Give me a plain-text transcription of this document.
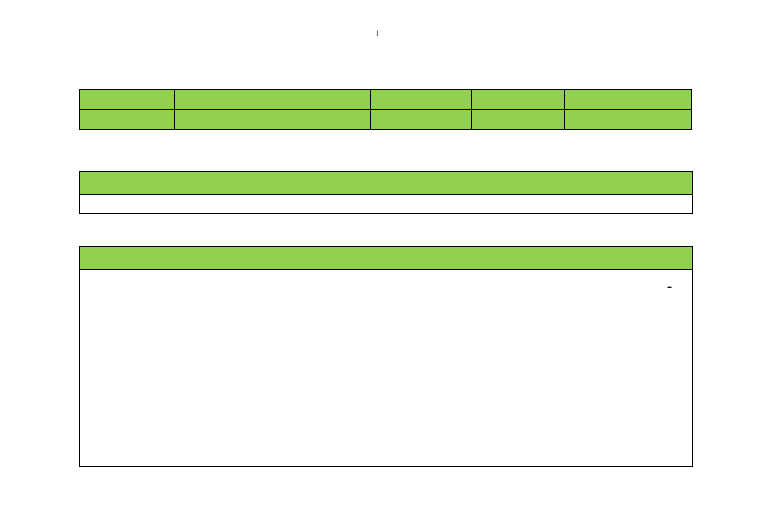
ı
